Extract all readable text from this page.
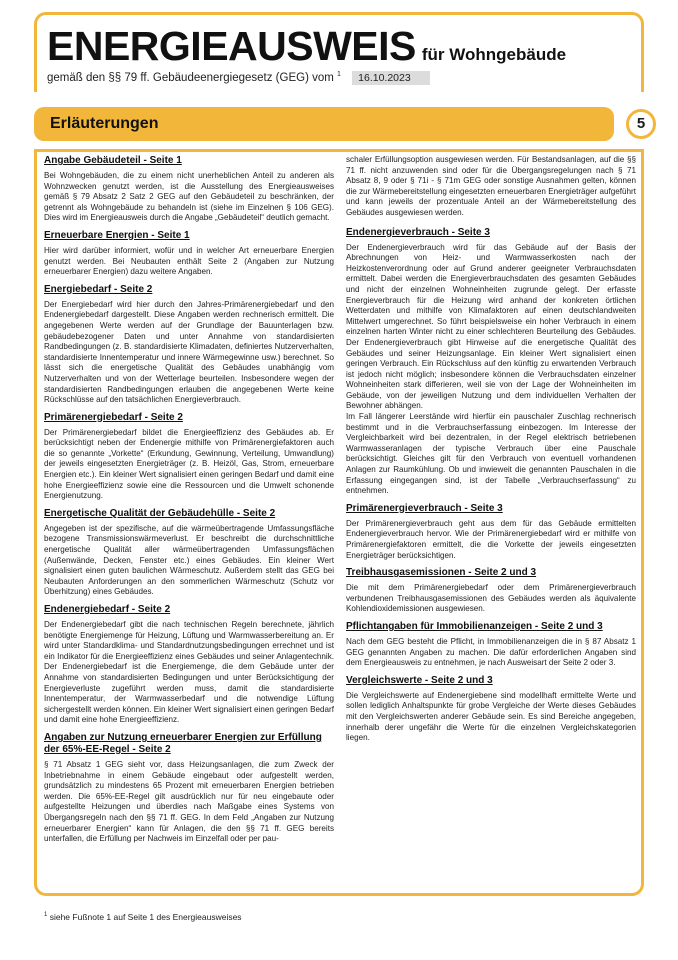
ENERGIEAUSWEIS für Wohngebäude
gemäß den §§ 79 ff. Gebäudeenergiegesetz (GEG) vom $^1$ 16.10.2023
Erläuterungen	5
Angabe Gebäudeteil - Seite 1

Bei Wohngebäuden, die zu einem nicht unerheblichen Anteil zu anderen als Wohnzwecken genutzt werden, ist die Ausstellung des Energieausweises gemäß § 79 Absatz 2 Satz 2 GEG auf den Gebäudeteil zu beschränken, der getrennt als Wohngebäude zu behandeln ist (siehe im Einzelnen § 106 GEG). Dies wird im Energieausweis durch die Angabe „Gebäudeteil“ deutlich gemacht.

Erneuerbare Energien - Seite 1

Hier wird darüber informiert, wofür und in welcher Art erneuerbare Energien genutzt werden. Bei Neubauten enthält Seite 2 (Angaben zur Nutzung erneuerbarer Energien) dazu weitere Angaben.

Energiebedarf - Seite 2

Der Energiebedarf wird hier durch den Jahres-Primärenergiebedarf und den Endenergiebedarf dargestellt. Diese Angaben werden rechnerisch ermittelt. Die angegebenen Werte werden auf der Grundlage der Bauunterlagen bzw. gebäudebezogener Daten und unter Annahme von standardisierten Randbedingungen (z. B. standardisierte Klimadaten, definiertes Nutzerverhalten, standardisierte Innentemperatur und innere Wärmegewinne usw.) berechnet. So lässt sich die energetische Qualität des Gebäudes unabhängig vom Nutzerverhalten und von der Wetterlage beurteilen. Insbesondere wegen der standardisierten Randbedingungen erlauben die angegebenen Werte keine Rückschlüsse auf den tatsächlichen Energieverbrauch.

Primärenergiebedarf - Seite 2

Der Primärenergiebedarf bildet die Energieeffizienz des Gebäudes ab. Er berücksichtigt neben der Endenergie mithilfe von Primärenergiefaktoren auch die so genannte „Vorkette“ (Erkundung, Gewinnung, Verteilung, Umwandlung) der jeweils eingesetzten Energieträger (z. B. Heizöl, Gas, Strom, erneuerbare Energien etc.). Ein kleiner Wert signalisiert einen geringen Bedarf und damit eine hohe Energieeffizienz sowie eine die Ressourcen und die Umwelt schonende Energienutzung.

Energetische Qualität der Gebäudehülle - Seite 2

Angegeben ist der spezifische, auf die wärmeübertragende Umfassungsfläche bezogene Transmissionswärmeverlust. Er beschreibt die durchschnittliche energetische Qualität aller wärmeübertragenden Umfassungsflächen (Außenwände, Decken, Fenster etc.) eines Gebäudes. Ein kleiner Wert signalisiert einen guten baulichen Wärmeschutz. Außerdem stellt das GEG bei Neubauten Anforderungen an den sommerlichen Wärmeschutz (Schutz vor Überhitzung) eines Gebäudes.

Endenergiebedarf - Seite 2

Der Endenergiebedarf gibt die nach technischen Regeln berechnete, jährlich benötigte Energiemenge für Heizung, Lüftung und Warmwasserbereitung an. Er wird unter Standardklima- und Standardnutzungsbedingungen errechnet und ist ein Indikator für die Energieeffizienz eines Gebäudes und seiner Anlagentechnik. Der Endenergiebedarf ist die Energiemenge, die dem Gebäude unter der Annahme von standardisierten Bedingungen und unter Berücksichtigung der Energieverluste zugeführt werden muss, damit die standardisierte Innentemperatur, der Warmwasserbedarf und die notwendige Lüftung sichergestellt werden können. Ein kleiner Wert signalisiert einen geringen Bedarf und damit eine hohe Energieeffizienz.

Angaben zur Nutzung erneuerbarer Energien zur Erfüllung der 65%-EE-Regel - Seite 2

§ 71 Absatz 1 GEG sieht vor, dass Heizungsanlagen, die zum Zweck der Inbetriebnahme in einem Gebäude eingebaut oder aufgestellt werden, grundsätzlich zu mindestens 65 Prozent mit erneuerbaren Energien betrieben werden. Die 65%-EE-Regel gilt ausdrücklich nur für neu eingebaute oder aufgestellte Heizungen und überdies nach Maßgabe eines Systems von Übergangsregeln nach den §§ 71 ff. GEG. In dem Feld „Angaben zur Nutzung erneuerbarer Energien“ kann für Anlagen, die den §§ 71 ff. GEG bereits unterfallen, die Erfüllung per Nachweis im Einzelfall oder per pau-

schaler Erfüllungsoption ausgewiesen werden. Für Bestandsanlagen, auf die §§ 71 ff. nicht anzuwenden sind oder für die Übergangsregelungen nach § 71 Absatz 8, 9 oder § 71i - § 71m GEG oder sonstige Ausnahmen gelten, können die zur Wärmebereitstellung eingesetzten erneuerbaren Energieträger aufgeführt und kann jeweils der prozentuale Anteil an der Wärmebereitstellung des Gebäudes ausgewiesen werden.

Endenergieverbrauch - Seite 3

Der Endenergieverbrauch wird für das Gebäude auf der Basis der Abrechnungen von Heiz- und Warmwasserkosten nach der Heizkostenverordnung oder auf Grund anderer geeigneter Verbrauchsdaten ermittelt. Dabei werden die Energieverbrauchsdaten des gesamten Gebäudes und nicht der einzelnen Wohneinheiten zugrunde gelegt. Der erfasste Energieverbrauch für die Heizung wird anhand der konkreten örtlichen Wetterdaten und mithilfe von Klimafaktoren auf einen deutschlandweiten Mittelwert umgerechnet. So führt beispielsweise ein hoher Verbrauch in einem einzelnen harten Winter nicht zu einer schlechteren Beurteilung des Gebäudes. Der Endenergieverbrauch gibt Hinweise auf die energetische Qualität des Gebäudes und seiner Heizungsanlage. Ein kleiner Wert signalisiert einen geringen Verbrauch. Ein Rückschluss auf den künftig zu erwartenden Verbrauch ist jedoch nicht möglich; insbesondere können die Verbrauchsdaten einzelner Wohneinheiten stark differieren, weil sie von der Lage der Wohneinheiten im Gebäude, von der jeweiligen Nutzung und dem individuellen Verhalten der Bewohner abhängen.

Im Fall längerer Leerstände wird hierfür ein pauschaler Zuschlag rechnerisch bestimmt und in die Verbrauchserfassung einbezogen. Im Interesse der Vergleichbarkeit wird bei dezentralen, in der Regel elektrisch betriebenen Warmwasseranlagen der typische Verbrauch über eine Pauschale berücksichtigt. Gleiches gilt für den Verbrauch von eventuell vorhandenen Anlagen zur Raumkühlung. Ob und inwieweit die genannten Pauschalen in die Erfassung eingegangen sind, ist der Tabelle „Verbrauchserfassung“ zu entnehmen.

Primärenergieverbrauch - Seite 3

Der Primärenergieverbrauch geht aus dem für das Gebäude ermittelten Endenergieverbrauch hervor. Wie der Primärenergiebedarf wird er mithilfe von Primärenergiefaktoren ermittelt, die die Vorkette der jeweils eingesetzten Energieträger berücksichtigen.

Treibhausgasemissionen - Seite 2 und 3

Die mit dem Primärenergiebedarf oder dem Primärenergieverbrauch verbundenen Treibhausgasemissionen des Gebäudes werden als äquivalente Kohlendioxidemissionen ausgewiesen.

Pflichtangaben für Immobilienanzeigen - Seite 2 und 3

Nach dem GEG besteht die Pflicht, in Immobilienanzeigen die in § 87 Absatz 1 GEG genannten Angaben zu machen. Die dafür erforderlichen Angaben sind dem Energieausweis zu entnehmen, je nach Ausweisart der Seite 2 oder 3.

Vergleichswerte - Seite 2 und 3

Die Vergleichswerte auf Endenergiebene sind modellhaft ermittelte Werte und sollen lediglich Anhaltspunkte für grobe Vergleiche der Werte dieses Gebäudes mit den Vergleichswerten anderer Gebäude sein. Es sind Bereiche angegeben, innerhalb derer ungefähr die Werte für die einzelnen Vergleichskategorien liegen.

$^1$ siehe Fußnote 1 auf Seite 1 des Energieausweises
